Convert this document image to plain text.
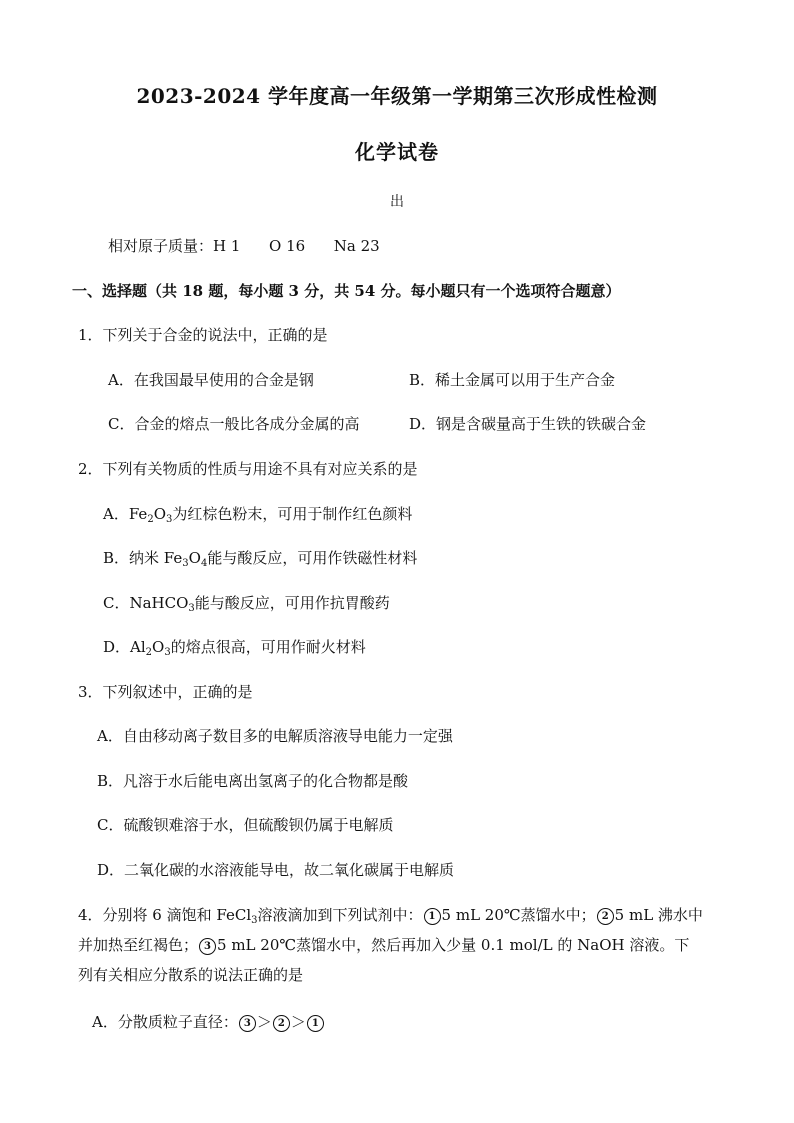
2023-2024 学年度高一年级第一学期第三次形成性检测
化学试卷
出
相对原子质量：H 1      O 16      Na 23
一、选择题（共 18 题，每小题 3 分，共 54 分。每小题只有一个选项符合题意）
1．下列关于合金的说法中，正确的是
A．在我国最早使用的合金是钢	B．稀土金属可以用于生产合金
C．合金的熔点一般比各成分金属的高	D．钢是含碳量高于生铁的铁碳合金
2．下列有关物质的性质与用途不具有对应关系的是
A．$Fe_2O_3$为红棕色粉末，可用于制作红色颜料
B．纳米 $Fe_3O_4$能与酸反应，可用作铁磁性材料
C．NaHCO$_3$能与酸反应，可用作抗胃酸药
D．$Al_2O_3$的熔点很高，可用作耐火材料
3．下列叙述中，正确的是
A．自由移动离子数目多的电解质溶液导电能力一定强
B．凡溶于水后能电离出氢离子的化合物都是酸
C．硫酸钡难溶于水，但硫酸钡仍属于电解质
D．二氧化碳的水溶液能导电，故二氧化碳属于电解质
4．分别将 6 滴饱和 FeCl$_3$溶液滴加到下列试剂中： 1 5 mL 20℃蒸馏水中； 2 5 mL 沸水中
并加热至红褐色； 3 5 mL 20℃蒸馏水中，然后再加入少量 0.1 mol/L 的 NaOH 溶液。下
列有关相应分散系的说法正确的是
A．分散质粒子直径： 3 ＞ 2 ＞ 1
